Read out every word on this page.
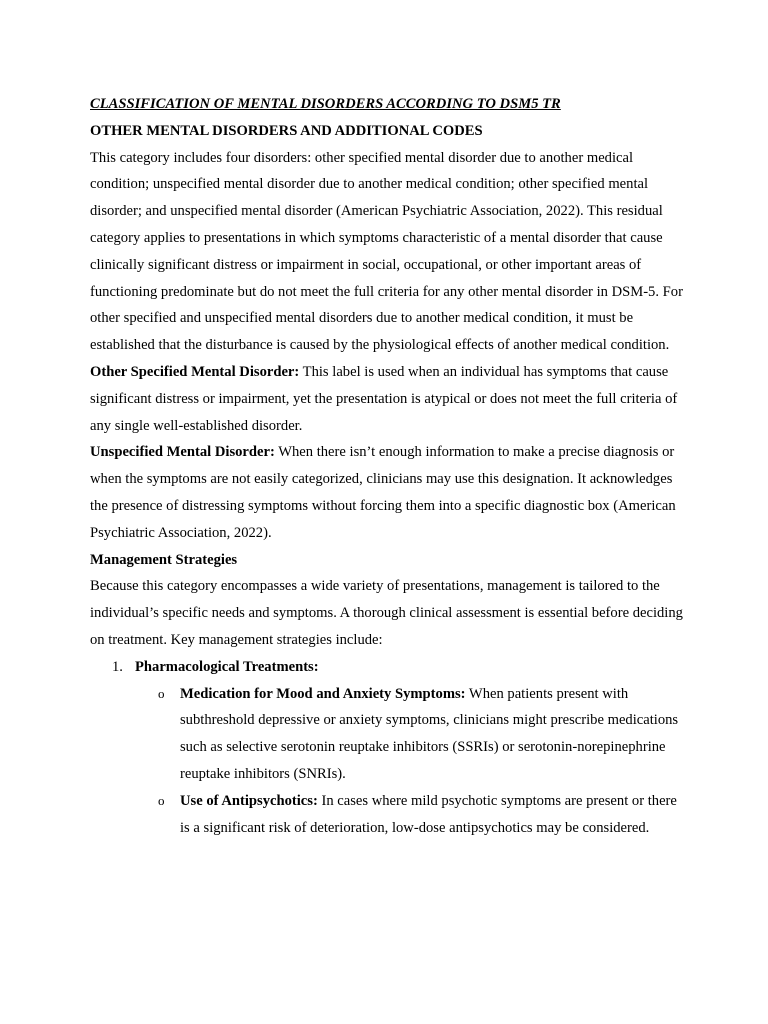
CLASSIFICATION OF MENTAL DISORDERS ACCORDING TO DSM5 TR

OTHER MENTAL DISORDERS AND ADDITIONAL CODES

This category includes four disorders: other specified mental disorder due to another medical condition; unspecified mental disorder due to another medical condition; other specified mental disorder; and unspecified mental disorder (American Psychiatric Association, 2022). This residual category applies to presentations in which symptoms characteristic of a mental disorder that cause clinically significant distress or impairment in social, occupational, or other important areas of functioning predominate but do not meet the full criteria for any other mental disorder in DSM-5. For other specified and unspecified mental disorders due to another medical condition, it must be established that the disturbance is caused by the physiological effects of another medical condition.

Other Specified Mental Disorder: This label is used when an individual has symptoms that cause significant distress or impairment, yet the presentation is atypical or does not meet the full criteria of any single well-established disorder.

Unspecified Mental Disorder: When there isn’t enough information to make a precise diagnosis or when the symptoms are not easily categorized, clinicians may use this designation. It acknowledges the presence of distressing symptoms without forcing them into a specific diagnostic box (American Psychiatric Association, 2022).

Management Strategies

Because this category encompasses a wide variety of presentations, management is tailored to the individual’s specific needs and symptoms. A thorough clinical assessment is essential before deciding on treatment. Key management strategies include:

1. Pharmacological Treatments:
o Medication for Mood and Anxiety Symptoms: When patients present with subthreshold depressive or anxiety symptoms, clinicians might prescribe medications such as selective serotonin reuptake inhibitors (SSRIs) or serotonin-norepinephrine reuptake inhibitors (SNRIs).
o Use of Antipsychotics: In cases where mild psychotic symptoms are present or there is a significant risk of deterioration, low-dose antipsychotics may be considered.
